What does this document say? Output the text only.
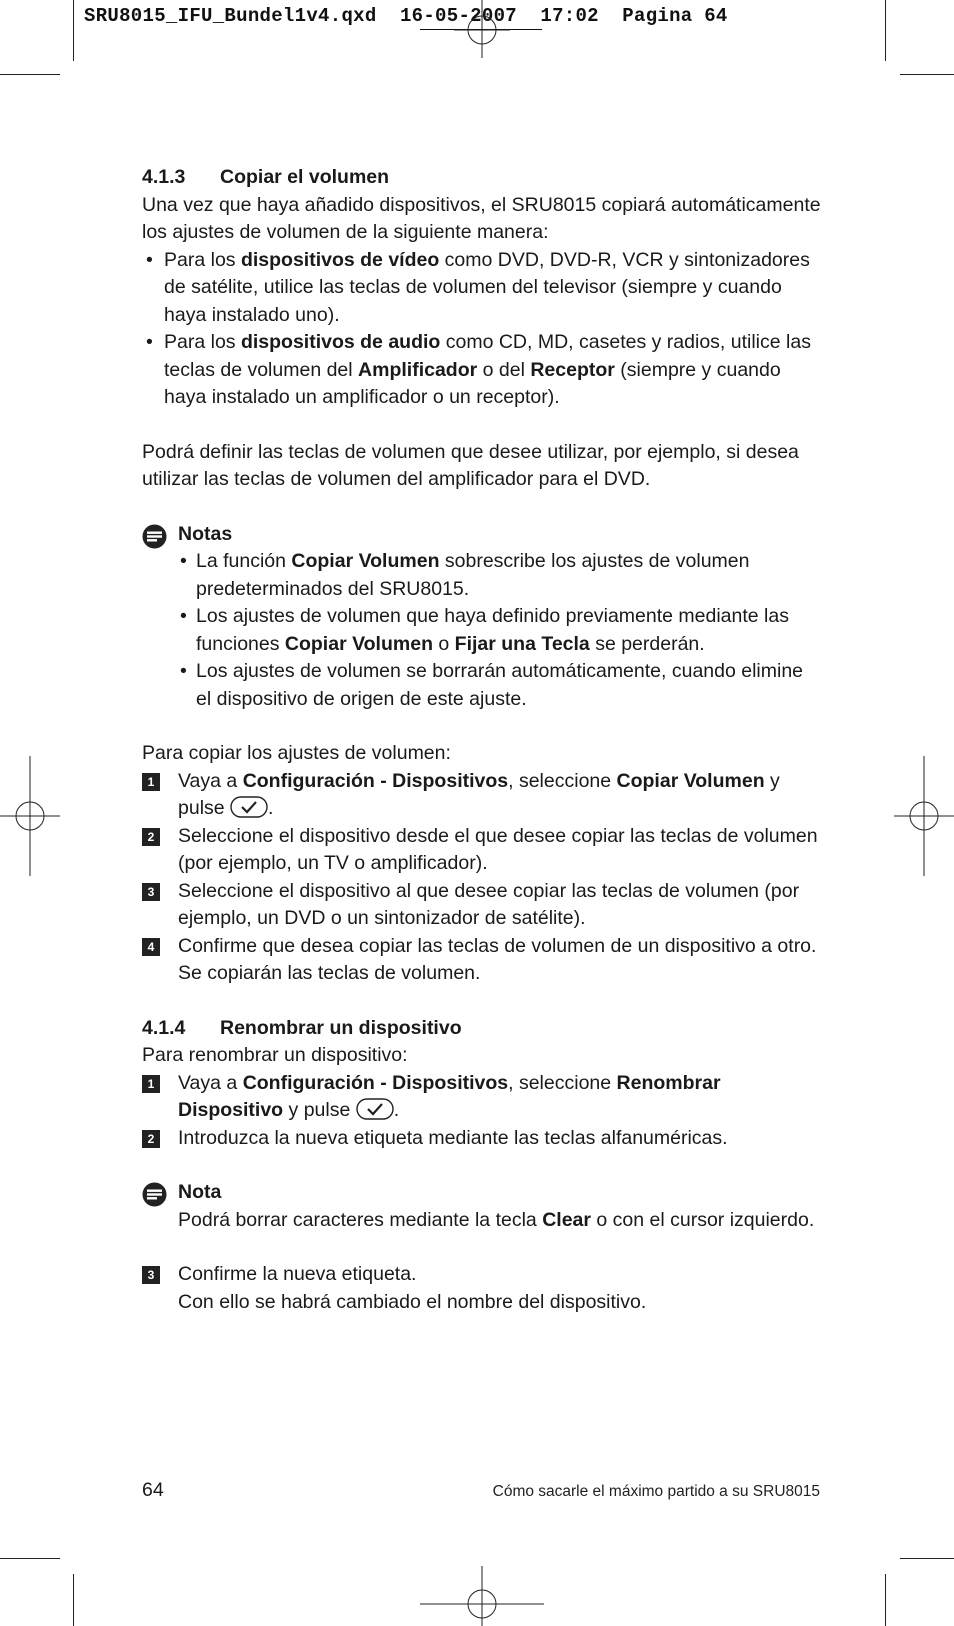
SRU8015_IFU_Bundel1v4.qxd  16-05-2007  17:02  Pagina 64

4.1.3 Copiar el volumen

Una vez que haya añadido dispositivos, el SRU8015 copiará automáticamente los ajustes de volumen de la siguiente manera:

• Para los dispositivos de vídeo como DVD, DVD-R, VCR y sintonizadores de satélite, utilice las teclas de volumen del televisor (siempre y cuando haya instalado uno).
• Para los dispositivos de audio como CD, MD, casetes y radios, utilice las teclas de volumen del Amplificador o del Receptor (siempre y cuando haya instalado un amplificador o un receptor).

Podrá definir las teclas de volumen que desee utilizar, por ejemplo, si desea utilizar las teclas de volumen del amplificador para el DVD.

Notas

• La función Copiar Volumen sobrescribe los ajustes de volumen predeterminados del SRU8015.
• Los ajustes de volumen que haya definido previamente mediante las funciones Copiar Volumen o Fijar una Tecla se perderán.
• Los ajustes de volumen se borrarán automáticamente, cuando elimine el dispositivo de origen de este ajuste.

Para copiar los ajustes de volumen:

1 Vaya a Configuración - Dispositivos, seleccione Copiar Volumen y pulse .
2 Seleccione el dispositivo desde el que desee copiar las teclas de volumen (por ejemplo, un TV o amplificador).
3 Seleccione el dispositivo al que desee copiar las teclas de volumen (por ejemplo, un DVD o un sintonizador de satélite).
4 Confirme que desea copiar las teclas de volumen de un dispositivo a otro.

Se copiarán las teclas de volumen.

4.1.4 Renombrar un dispositivo

Para renombrar un dispositivo:

1 Vaya a Configuración - Dispositivos, seleccione Renombrar Dispositivo y pulse .
2 Introduzca la nueva etiqueta mediante las teclas alfanuméricas.

Nota

Podrá borrar caracteres mediante la tecla Clear o con el cursor izquierdo.
3 Confirme la nueva etiqueta.

Con ello se habrá cambiado el nombre del dispositivo.

64	Cómo sacarle el máximo partido a su SRU8015
